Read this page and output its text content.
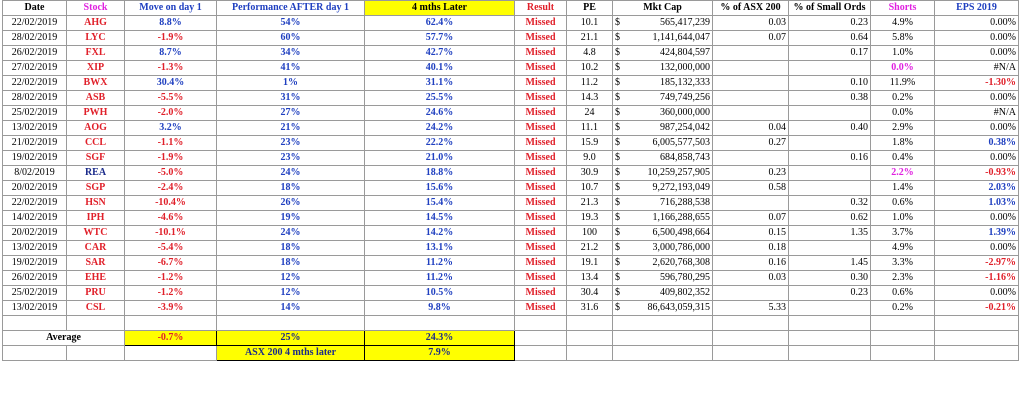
Date	Stock	Move on day 1	Performance AFTER day 1	4 mths Later	Result	PE	Mkt Cap	% of ASX 200	% of Small Ords	Shorts	EPS 2019
22/02/2019	AHG	8.8%	54%	62.4%	Missed	10.1	$ 565,417,239	0.03	0.23	4.9%	0.00%
28/02/2019	LYC	-1.9%	60%	57.7%	Missed	21.1	$ 1,141,644,047	0.07	0.64	5.8%	0.00%
26/02/2019	FXL	8.7%	34%	42.7%	Missed	4.8	$ 424,804,597		0.17	1.0%	0.00%
27/02/2019	XIP	-1.3%	41%	40.1%	Missed	10.2	$ 132,000,000			0.0%	#N/A
22/02/2019	BWX	30.4%	1%	31.1%	Missed	11.2	$ 185,132,333		0.10	11.9%	-1.30%
28/02/2019	ASB	-5.5%	31%	25.5%	Missed	14.3	$ 749,749,256		0.38	0.2%	0.00%
25/02/2019	PWH	-2.0%	27%	24.6%	Missed	24	$ 360,000,000			0.0%	#N/A
13/02/2019	AOG	3.2%	21%	24.2%	Missed	11.1	$ 987,254,042	0.04	0.40	2.9%	0.00%
21/02/2019	CCL	-1.1%	23%	22.2%	Missed	15.9	$ 6,005,577,503	0.27		1.8%	0.38%
19/02/2019	SGF	-1.9%	23%	21.0%	Missed	9.0	$ 684,858,743		0.16	0.4%	0.00%
8/02/2019	REA	-5.0%	24%	18.8%	Missed	30.9	$ 10,259,257,905	0.23		2.2%	-0.93%
20/02/2019	SGP	-2.4%	18%	15.6%	Missed	10.7	$ 9,272,193,049	0.58		1.4%	2.03%
22/02/2019	HSN	-10.4%	26%	15.4%	Missed	21.3	$ 716,288,538		0.32	0.6%	1.03%
14/02/2019	IPH	-4.6%	19%	14.5%	Missed	19.3	$ 1,166,288,655	0.07	0.62	1.0%	0.00%
20/02/2019	WTC	-10.1%	24%	14.2%	Missed	100	$ 6,500,498,664	0.15	1.35	3.7%	1.39%
13/02/2019	CAR	-5.4%	18%	13.1%	Missed	21.2	$ 3,000,786,000	0.18		4.9%	0.00%
19/02/2019	SAR	-6.7%	18%	11.2%	Missed	19.1	$ 2,620,768,308	0.16	1.45	3.3%	-2.97%
26/02/2019	EHE	-1.2%	12%	11.2%	Missed	13.4	$ 596,780,295	0.03	0.30	2.3%	-1.16%
25/02/2019	PRU	-1.2%	12%	10.5%	Missed	30.4	$ 409,802,352		0.23	0.6%	0.00%
13/02/2019	CSL	-3.9%	14%	9.8%	Missed	31.6	$ 86,643,059,315	5.33		0.2%	-0.21%

Average		-0.7%	25%	24.3%							
			ASX 200 4 mths later	7.9%							
